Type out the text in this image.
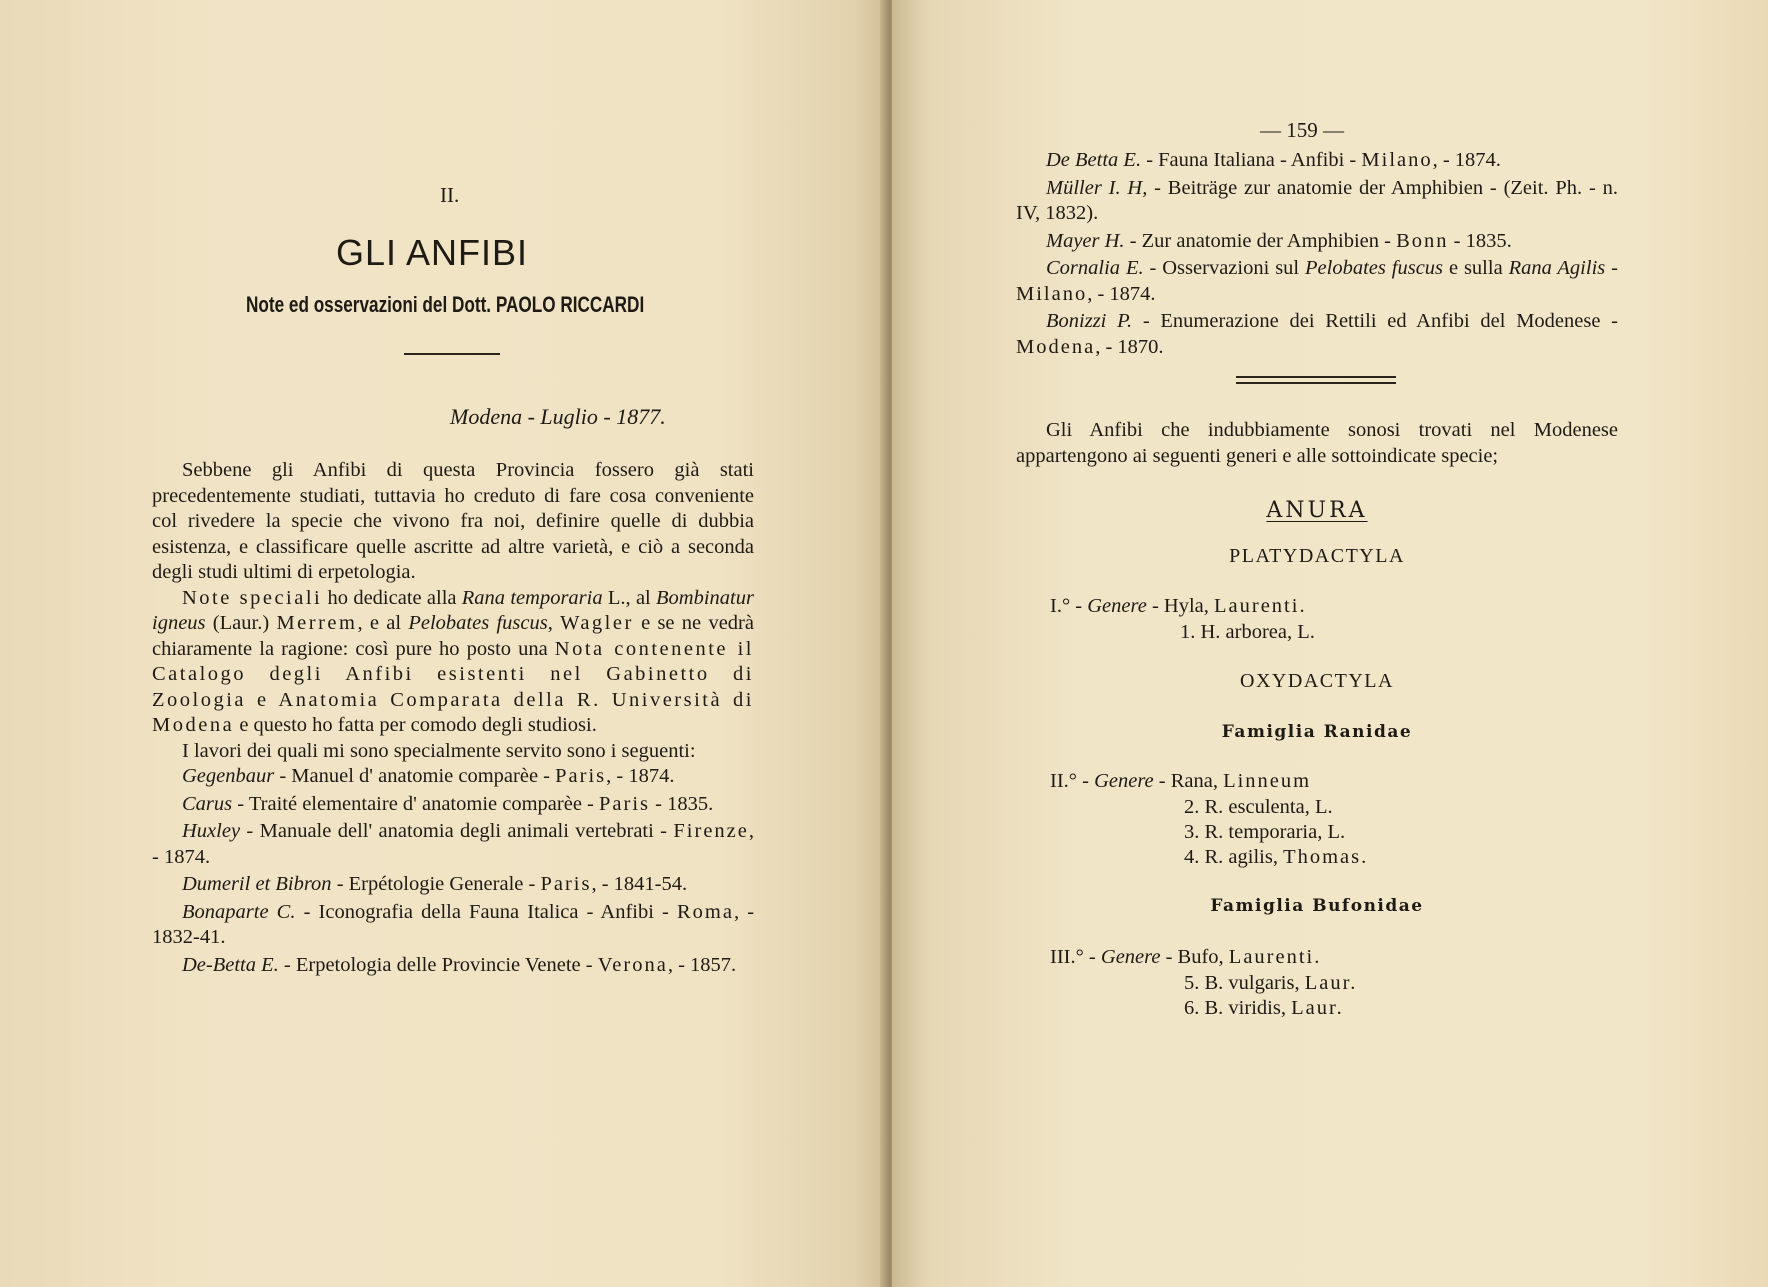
II.
GLI ANFIBI
Note ed osservazioni del Dott. PAOLO RICCARDI
Modena - Luglio - 1877.

Sebbene gli Anfibi di questa Provincia fossero già stati precedentemente studiati, tuttavia ho creduto di fare cosa conveniente col rivedere la specie che vivono fra noi, definire quelle di dubbia esistenza, e classificare quelle ascritte ad altre varietà, e ciò a seconda degli studi ultimi di erpetologia.

Note speciali ho dedicate alla Rana temporaria L., al Bombinatur igneus (Laur.) Merrem, e al Pelobates fuscus, Wagler e se ne vedrà chiaramente la ragione: così pure ho posto una Nota contenente il Catalogo degli Anfibi esistenti nel Gabinetto di Zoologia e Anatomia Comparata della R. Università di Modena e questo ho fatta per comodo degli studiosi.

I lavori dei quali mi sono specialmente servito sono i seguenti:

Gegenbaur - Manuel d' anatomie comparèe - Paris, - 1874.

Carus - Traité elementaire d' anatomie comparèe - Paris - 1835.

Huxley - Manuale dell' anatomia degli animali vertebrati - Firenze, - 1874.

Dumeril et Bibron - Erpétologie Generale - Paris, - 1841-54.

Bonaparte C. - Iconografia della Fauna Italica - Anfibi - Roma, - 1832-41.

De-Betta E. - Erpetologia delle Provincie Venete - Verona, - 1857.

— 159 —

De Betta E. - Fauna Italiana - Anfibi - Milano, - 1874.

Müller I. H, - Beiträge zur anatomie der Amphibien - (Zeit. Ph. - n. IV, 1832).

Mayer H. - Zur anatomie der Amphibien - Bonn - 1835.

Cornalia E. - Osservazioni sul Pelobates fuscus e sulla Rana Agilis - Milano, - 1874.

Bonizzi P. - Enumerazione dei Rettili ed Anfibi del Modenese - Modena, - 1870.

Gli Anfibi che indubbiamente sonosi trovati nel Modenese appartengono ai seguenti generi e alle sottoindicate specie;

ANURA
PLATYDACTYLA
I.° - Genere - Hyla, Laurenti.
1. H. arborea, L.
OXYDACTYLA
Famiglia Ranidae
II.° - Genere - Rana, Linneum
2. R. esculenta, L.
3. R. temporaria, L.
4. R. agilis, Thomas.
Famiglia Bufonidae
III.° - Genere - Bufo, Laurenti.
5. B. vulgaris, Laur.
6. B. viridis, Laur.
